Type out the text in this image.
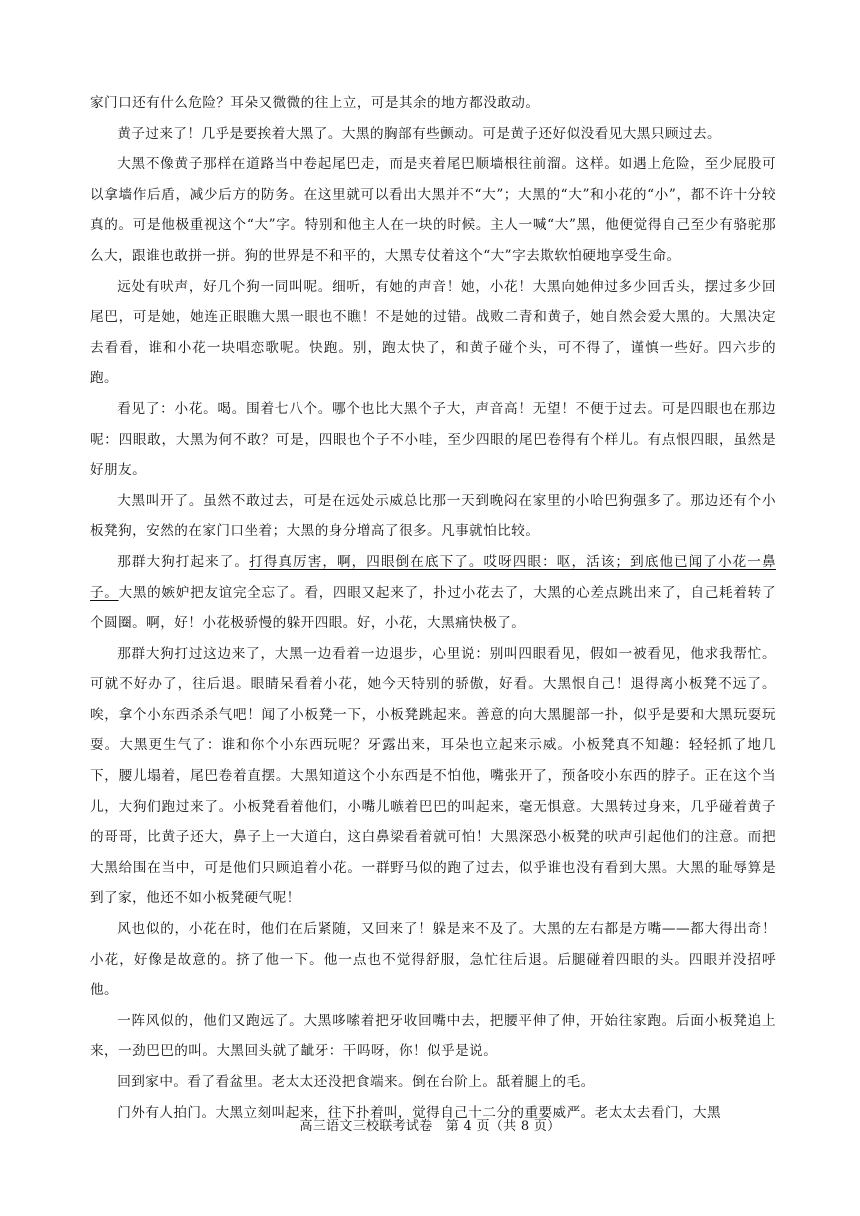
家门口还有什么危险？耳朵又微微的往上立，可是其余的地方都没敢动。

黄子过来了！几乎是要挨着大黑了。大黑的胸部有些颤动。可是黄子还好似没看见大黑只顾过去。

大黑不像黄子那样在道路当中卷起尾巴走，而是夹着尾巴顺墙根往前溜。这样。如遇上危险，至少屁股可以拿墙作后盾，减少后方的防务。在这里就可以看出大黑并不“大”；大黑的“大”和小花的“小”，都不许十分较真的。可是他极重视这个“大”字。特别和他主人在一块的时候。主人一喊“大”黑，他便觉得自己至少有骆驼那么大，跟谁也敢拼一拼。狗的世界是不和平的，大黑专仗着这个“大”字去欺软怕硬地享受生命。

远处有吠声，好几个狗一同叫呢。细听，有她的声音！她，小花！大黑向她伸过多少回舌头，摆过多少回尾巴，可是她，她连正眼瞧大黑一眼也不瞧！不是她的过错。战败二青和黄子，她自然会爱大黑的。大黑决定去看看，谁和小花一块唱恋歌呢。快跑。别，跑太快了，和黄子碰个头，可不得了，谨慎一些好。四六步的跑。

看见了：小花。喝。围着七八个。哪个也比大黑个子大，声音高！无望！不便于过去。可是四眼也在那边呢：四眼敢，大黑为何不敢？可是，四眼也个子不小哇，至少四眼的尾巴卷得有个样儿。有点恨四眼，虽然是好朋友。

大黑叫开了。虽然不敢过去，可是在远处示威总比那一天到晚闷在家里的小哈巴狗强多了。那边还有个小板凳狗，安然的在家门口坐着；大黑的身分增高了很多。凡事就怕比较。

那群大狗打起来了。打得真厉害，啊，四眼倒在底下了。哎呀四眼：呕，活该；到底他已闻了小花一鼻子。大黑的嫉妒把友谊完全忘了。看，四眼又起来了，扑过小花去了，大黑的心差点跳出来了，自己耗着转了个圆圈。啊，好！小花极骄慢的躲开四眼。好，小花，大黑痛快极了。

那群大狗打过这边来了，大黑一边看着一边退步，心里说：别叫四眼看见，假如一被看见，他求我帮忙。可就不好办了，往后退。眼睛呆看着小花，她今天特别的骄傲，好看。大黑恨自己！退得离小板凳不远了。唉，拿个小东西杀杀气吧！闻了小板凳一下，小板凳跳起来。善意的向大黑腿部一扑，似乎是要和大黑玩耍玩耍。大黑更生气了：谁和你个小东西玩呢？牙露出来，耳朵也立起来示威。小板凳真不知趣：轻轻抓了地几下，腰儿塌着，尾巴卷着直摆。大黑知道这个小东西是不怕他，嘴张开了，预备咬小东西的脖子。正在这个当儿，大狗们跑过来了。小板凳看着他们，小嘴儿嗾着巴巴的叫起来，毫无惧意。大黑转过身来，几乎碰着黄子的哥哥，比黄子还大，鼻子上一大道白，这白鼻梁看着就可怕！大黑深恐小板凳的吠声引起他们的注意。而把大黑给围在当中，可是他们只顾追着小花。一群野马似的跑了过去，似乎谁也没有看到大黑。大黑的耻辱算是到了家，他还不如小板凳硬气呢！

风也似的，小花在时，他们在后紧随，又回来了！躲是来不及了。大黑的左右都是方嘴——都大得出奇！小花，好像是故意的。挤了他一下。他一点也不觉得舒服，急忙往后退。后腿碰着四眼的头。四眼并没招呼他。

一阵风似的，他们又跑远了。大黑哆嗦着把牙收回嘴中去，把腰平伸了伸，开始往家跑。后面小板凳追上来，一劲巴巴的叫。大黑回头就了龇牙：干吗呀，你！似乎是说。

回到家中。看了看盆里。老太太还没把食端来。倒在台阶上。舐着腿上的毛。

门外有人拍门。大黑立刻叫起来，往下扑着叫，觉得自己十二分的重要威严。老太太去看门，大黑

高三语文三校联考试卷　第 4 页（共 8 页）
